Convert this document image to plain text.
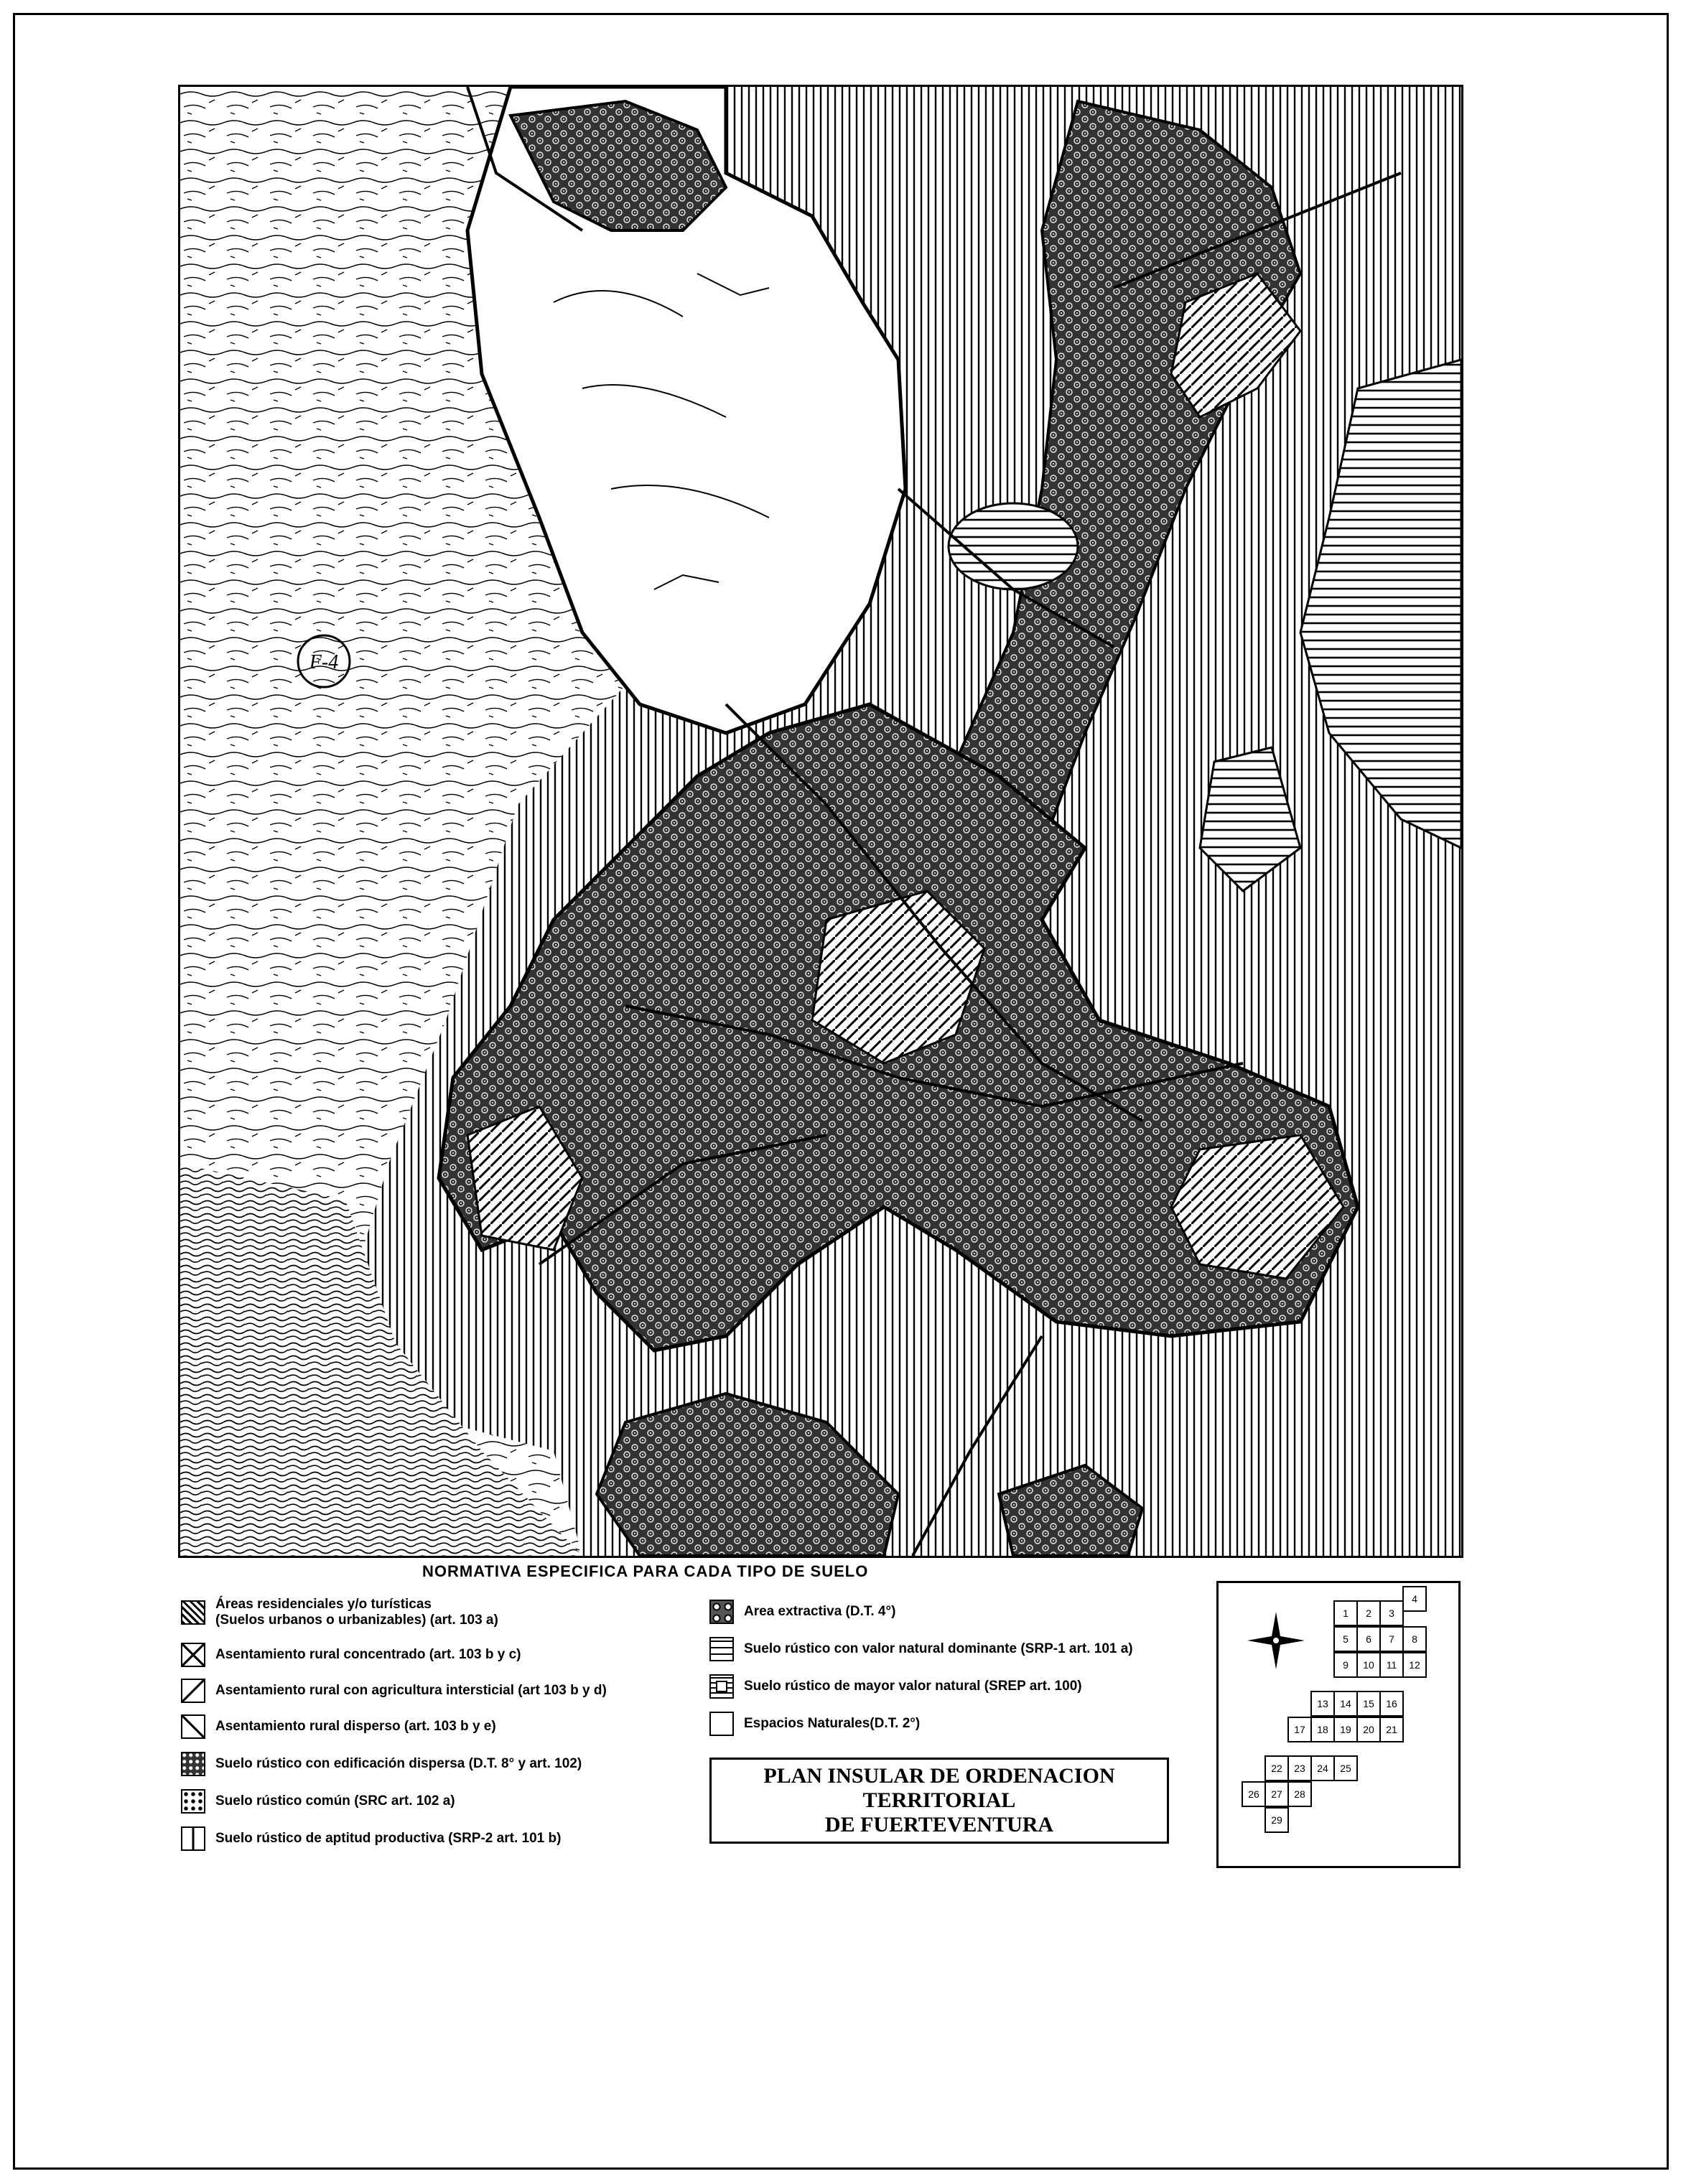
F-4
NORMATIVA ESPECIFICA PARA CADA TIPO DE SUELO
Áreas residenciales y/o turísticas
(Suelos urbanos o urbanizables) (art. 103 a)
Asentamiento rural concentrado (art. 103 b y c)
Asentamiento rural con agricultura intersticial (art 103 b y d)
Asentamiento rural disperso (art. 103 b y e)
Suelo rústico con edificación dispersa (D.T. 8° y art. 102)
Suelo rústico común (SRC art. 102 a)
Suelo rústico de aptitud productiva (SRP-2 art. 101 b)
Area extractiva (D.T. 4°)
Suelo rústico con valor natural dominante (SRP-1 art. 101 a)
Suelo rústico de mayor valor natural (SREP art. 100)
Espacios Naturales(D.T. 2°)
PLAN INSULAR DE ORDENACION TERRITORIAL
DE FUERTEVENTURA
1	2	3
4
5	6	7	8
9	10	11	12
13	14	15	16
17	18	19	20	21
22	23	24	25
26	27	28
29
